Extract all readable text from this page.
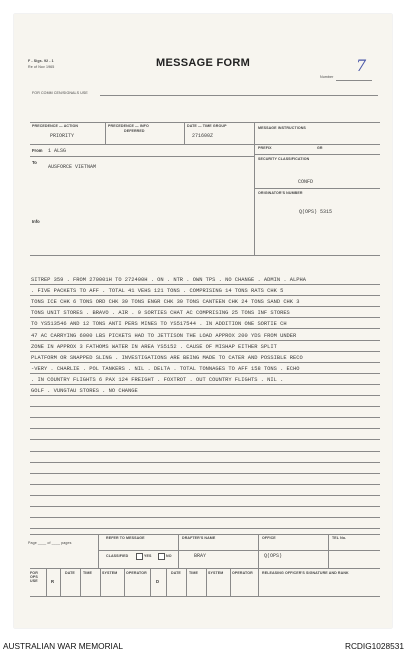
F - Sigs. 92 - 1
Re of Nov 1965	MESSAGE FORM
Number
7
FOR COMM CEN/SIGNALS USE
PRECEDENCE — ACTION
PRIORITY
PRECEDENCE — INFO
DEFERRED
DATE — TIME GROUP
271600Z
MESSAGE INSTRUCTIONS
PREFIX	GR
From 1 ALSG
To
AUSFORCE VIETNAM
Info
SECURITY CLASSIFICATION
CONFD
ORIGINATOR'S NUMBER
Q(OPS) 5315
SITREP 359 . FROM 270001H TO 272400H . ON . NTR . OWN TPS . NO CHANGE . ADMIN . ALPHA
. FIVE PACKETS TO AFF . TOTAL 41 VEHS 121 TONS . COMPRISING 14 TONS RATS CHK 5
TONS ICE CHK 6 TONS ORD CHK 39 TONS ENGR CHK 30 TONS CANTEEN CHK 24 TONS SAND CHK 3
TONS UNIT STORES . BRAVO . AIR . 9 SORTIES CHAT AC COMPRISING 25 TONS INF STORES
TO YS513546 AND 12 TONS ANTI PERS MINES TO YS517544 . IN ADDITION ONE SORTIE CH
47 AC CARRYING 6000 LBS PICKETS HAD TO JETTISON THE LOAD APPROX 200 YDS FROM UNDER
ZONE IN APPROX 3 FATHOMS WATER IN AREA YS5152 . CAUSE OF MISHAP EITHER SPLIT
PLATFORM OR SNAPPED SLING . INVESTIGATIONS ARE BEING MADE TO CATER AND POSSIBLE RECO
-VERY . CHARLIE . POL TANKERS . NIL . DELTA . TOTAL TONNAGES TO AFF 158 TONS . ECHO
. IN COUNTRY FLIGHTS 6 PAX 124 FREIGHT . FOXTROT . OUT COUNTRY FLIGHTS . NIL .
GOLF . VUNGTAU STORES . NO CHANGE
Page ____ of ____ pages
REFER TO MESSAGE
CLASSIFIED	YES	NO
DRAFTER'S NAME
BRAY
OFFICE
Q(OPS)
TEL No.
FOR OPS USE	R
DATE TIME	SYSTEM OPERATOR
D
DATE TIME	SYSTEM OPERATOR	RELEASING OFFICER'S SIGNATURE AND RANK
AUSTRALIAN WAR MEMORIAL	RCDIG1028531
